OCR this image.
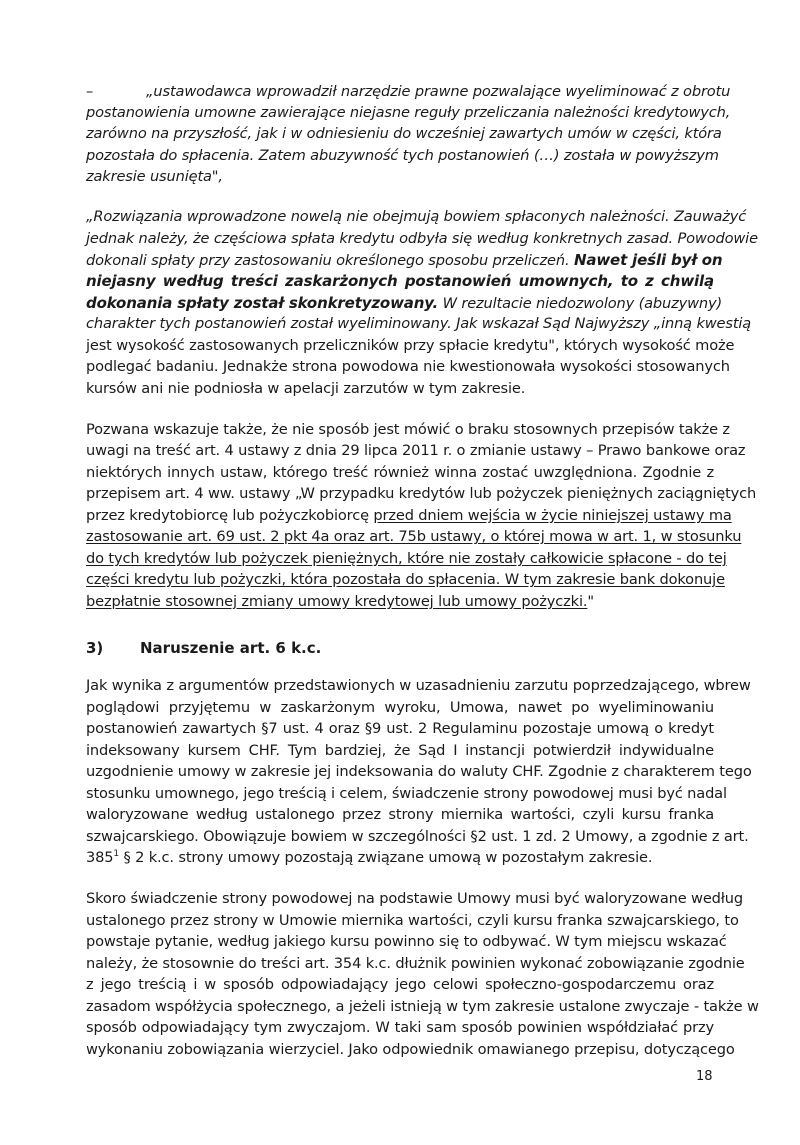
–	„ustawodawca wprowadził narzędzie prawne pozwalające wyeliminować z obrotu
postanowienia umowne zawierające niejasne reguły przeliczania należności kredytowych,
zarówno na przyszłość, jak i w odniesieniu do wcześniej zawartych umów w części, która
pozostała do spłacenia. Zatem abuzywność tych postanowień (…) została w powyższym
zakresie usunięta",
„Rozwiązania wprowadzone nowelą nie obejmują bowiem spłaconych należności. Zauważyć
jednak należy, że częściowa spłata kredytu odbyła się według konkretnych zasad. Powodowie
dokonali spłaty przy zastosowaniu określonego sposobu przeliczeń. Nawet jeśli był on
niejasny według treści zaskarżonych postanowień umownych, to z chwilą
dokonania spłaty został skonkretyzowany. W rezultacie niedozwolony (abuzywny)
charakter tych postanowień został wyeliminowany. Jak wskazał Sąd Najwyższy „inną kwestią
jest wysokość zastosowanych przeliczników przy spłacie kredytu", których wysokość może
podlegać badaniu. Jednakże strona powodowa nie kwestionowała wysokości stosowanych
kursów ani nie podniosła w apelacji zarzutów w tym zakresie.
Pozwana wskazuje także, że nie sposób jest mówić o braku stosownych przepisów także z
uwagi na treść art. 4 ustawy z dnia 29 lipca 2011 r. o zmianie ustawy – Prawo bankowe oraz
niektórych innych ustaw, którego treść również winna zostać uwzględniona. Zgodnie z
przepisem art. 4 ww. ustawy „W przypadku kredytów lub pożyczek pieniężnych zaciągniętych
przez kredytobiorcę lub pożyczkobiorcę przed dniem wejścia w życie niniejszej ustawy ma
zastosowanie art. 69 ust. 2 pkt 4a oraz art. 75b ustawy, o której mowa w art. 1, w stosunku
do tych kredytów lub pożyczek pieniężnych, które nie zostały całkowicie spłacone - do tej
części kredytu lub pożyczki, która pozostała do spłacenia. W tym zakresie bank dokonuje
bezpłatnie stosownej zmiany umowy kredytowej lub umowy pożyczki."
3) Naruszenie art. 6 k.c.
Jak wynika z argumentów przedstawionych w uzasadnieniu zarzutu poprzedzającego, wbrew
poglądowi przyjętemu w zaskarżonym wyroku, Umowa, nawet po wyeliminowaniu
postanowień zawartych §7 ust. 4 oraz §9 ust. 2 Regulaminu pozostaje umową o kredyt
indeksowany kursem CHF. Tym bardziej, że Sąd I instancji potwierdził indywidualne
uzgodnienie umowy w zakresie jej indeksowania do waluty CHF. Zgodnie z charakterem tego
stosunku umownego, jego treścią i celem, świadczenie strony powodowej musi być nadal
waloryzowane według ustalonego przez strony miernika wartości, czyli kursu franka
szwajcarskiego. Obowiązuje bowiem w szczególności §2 ust. 1 zd. 2 Umowy, a zgodnie z art.
$385^1$ § 2 k.c. strony umowy pozostają związane umową w pozostałym zakresie.
Skoro świadczenie strony powodowej na podstawie Umowy musi być waloryzowane według
ustalonego przez strony w Umowie miernika wartości, czyli kursu franka szwajcarskiego, to
powstaje pytanie, według jakiego kursu powinno się to odbywać. W tym miejscu wskazać
należy, że stosownie do treści art. 354 k.c. dłużnik powinien wykonać zobowiązanie zgodnie
z jego treścią i w sposób odpowiadający jego celowi społeczno-gospodarczemu oraz
zasadom współżycia społecznego, a jeżeli istnieją w tym zakresie ustalone zwyczaje - także w
sposób odpowiadający tym zwyczajom. W taki sam sposób powinien współdziałać przy
wykonaniu zobowiązania wierzyciel. Jako odpowiednik omawianego przepisu, dotyczącego
18
